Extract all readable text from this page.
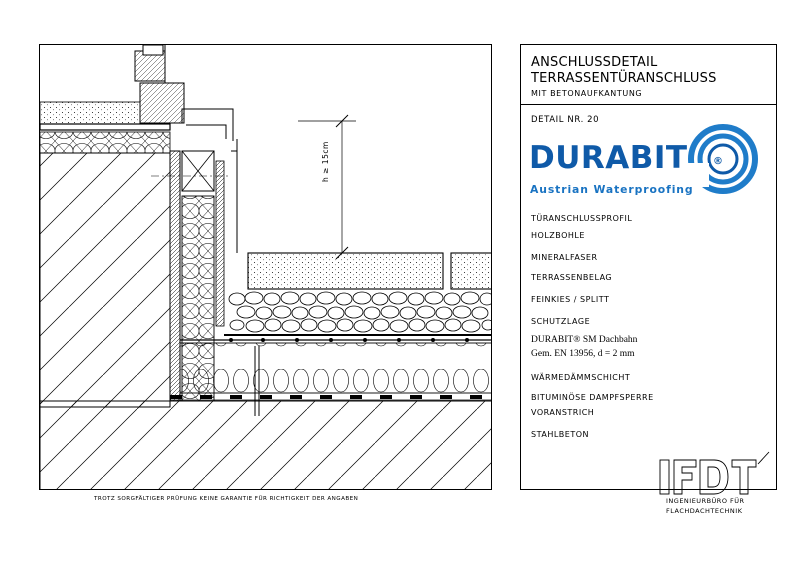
h ≥ 15cm
ANSCHLUSSDETAIL
TERRASSENTÜRANSCHLUSS
MIT BETONAUFKANTUNG
DETAIL NR. 20
DURABIT	®
Austrian Waterproofing
TÜRANSCHLUSSPROFIL
HOLZBOHLE
MINERALFASER
TERRASSENBELAG
FEINKIES / SPLITT
SCHUTZLAGE
DURABIT® SM Dachbahn
Gem. EN 13956, d = 2 mm
WÄRMEDÄMMSCHICHT
BITUMINÖSE DAMPFSPERRE
VORANSTRICH
STAHLBETON
INGENIEURBÜRO FÜR
FLACHDACHTECHNIK
TROTZ SORGFÄLTIGER PRÜFUNG KEINE GARANTIE FÜR RICHTIGKEIT DER ANGABEN
